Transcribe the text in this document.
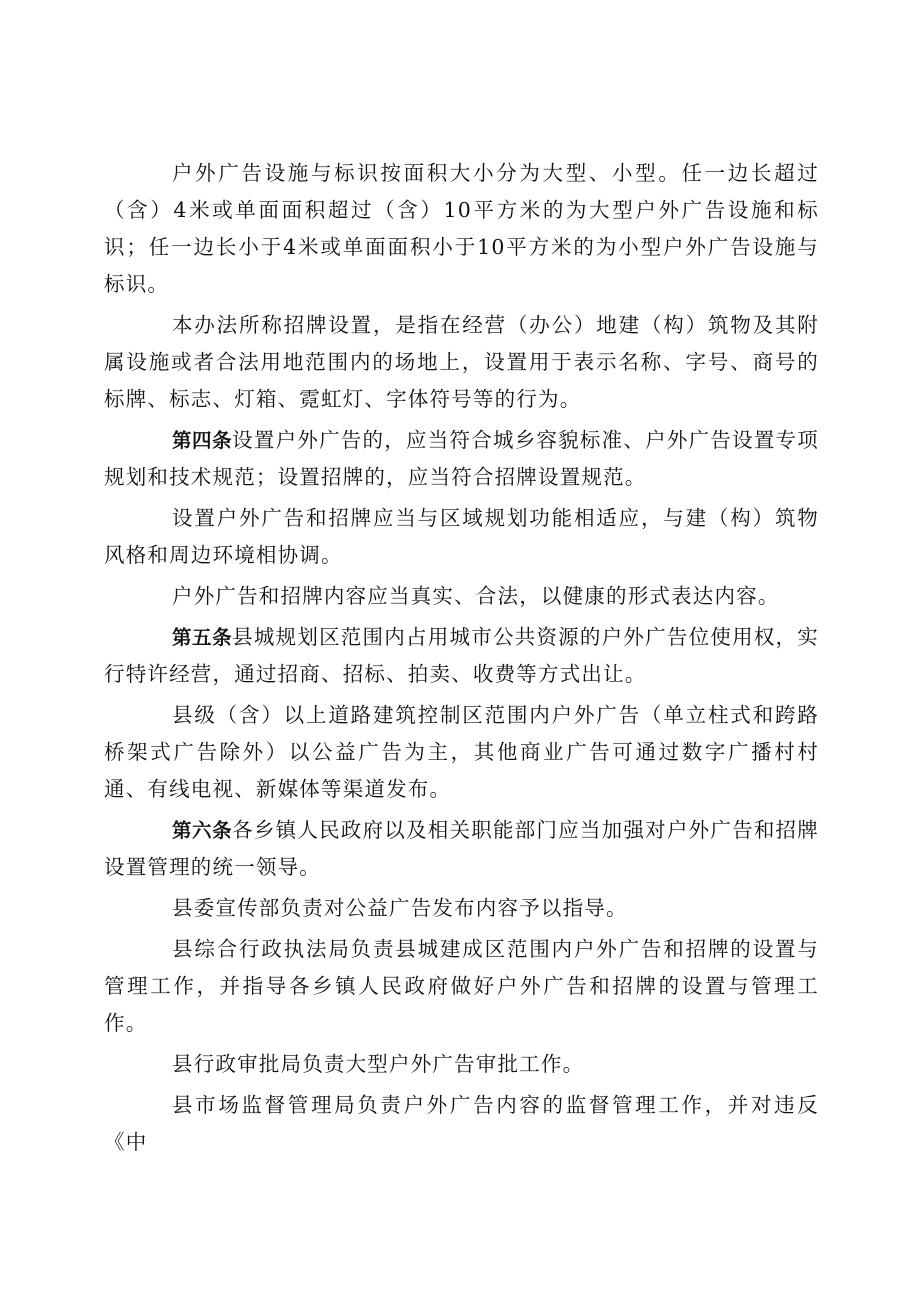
户外广告设施与标识按面积大小分为大型、小型。任一边长超过（含）4米或单面面积超过（含）10平方米的为大型户外广告设施和标识；任一边长小于4米或单面面积小于10平方米的为小型户外广告设施与标识。

本办法所称招牌设置，是指在经营（办公）地建（构）筑物及其附属设施或者合法用地范围内的场地上，设置用于表示名称、字号、商号的标牌、标志、灯箱、霓虹灯、字体符号等的行为。

第四条设置户外广告的，应当符合城乡容貌标准、户外广告设置专项规划和技术规范；设置招牌的，应当符合招牌设置规范。

设置户外广告和招牌应当与区域规划功能相适应，与建（构）筑物风格和周边环境相协调。

户外广告和招牌内容应当真实、合法，以健康的形式表达内容。

第五条县城规划区范围内占用城市公共资源的户外广告位使用权，实行特许经营，通过招商、招标、拍卖、收费等方式出让。

县级（含）以上道路建筑控制区范围内户外广告（单立柱式和跨路桥架式广告除外）以公益广告为主，其他商业广告可通过数字广播村村通、有线电视、新媒体等渠道发布。

第六条各乡镇人民政府以及相关职能部门应当加强对户外广告和招牌设置管理的统一领导。

县委宣传部负责对公益广告发布内容予以指导。

县综合行政执法局负责县城建成区范围内户外广告和招牌的设置与管理工作，并指导各乡镇人民政府做好户外广告和招牌的设置与管理工作。

县行政审批局负责大型户外广告审批工作。

县市场监督管理局负责户外广告内容的监督管理工作，并对违反《中
